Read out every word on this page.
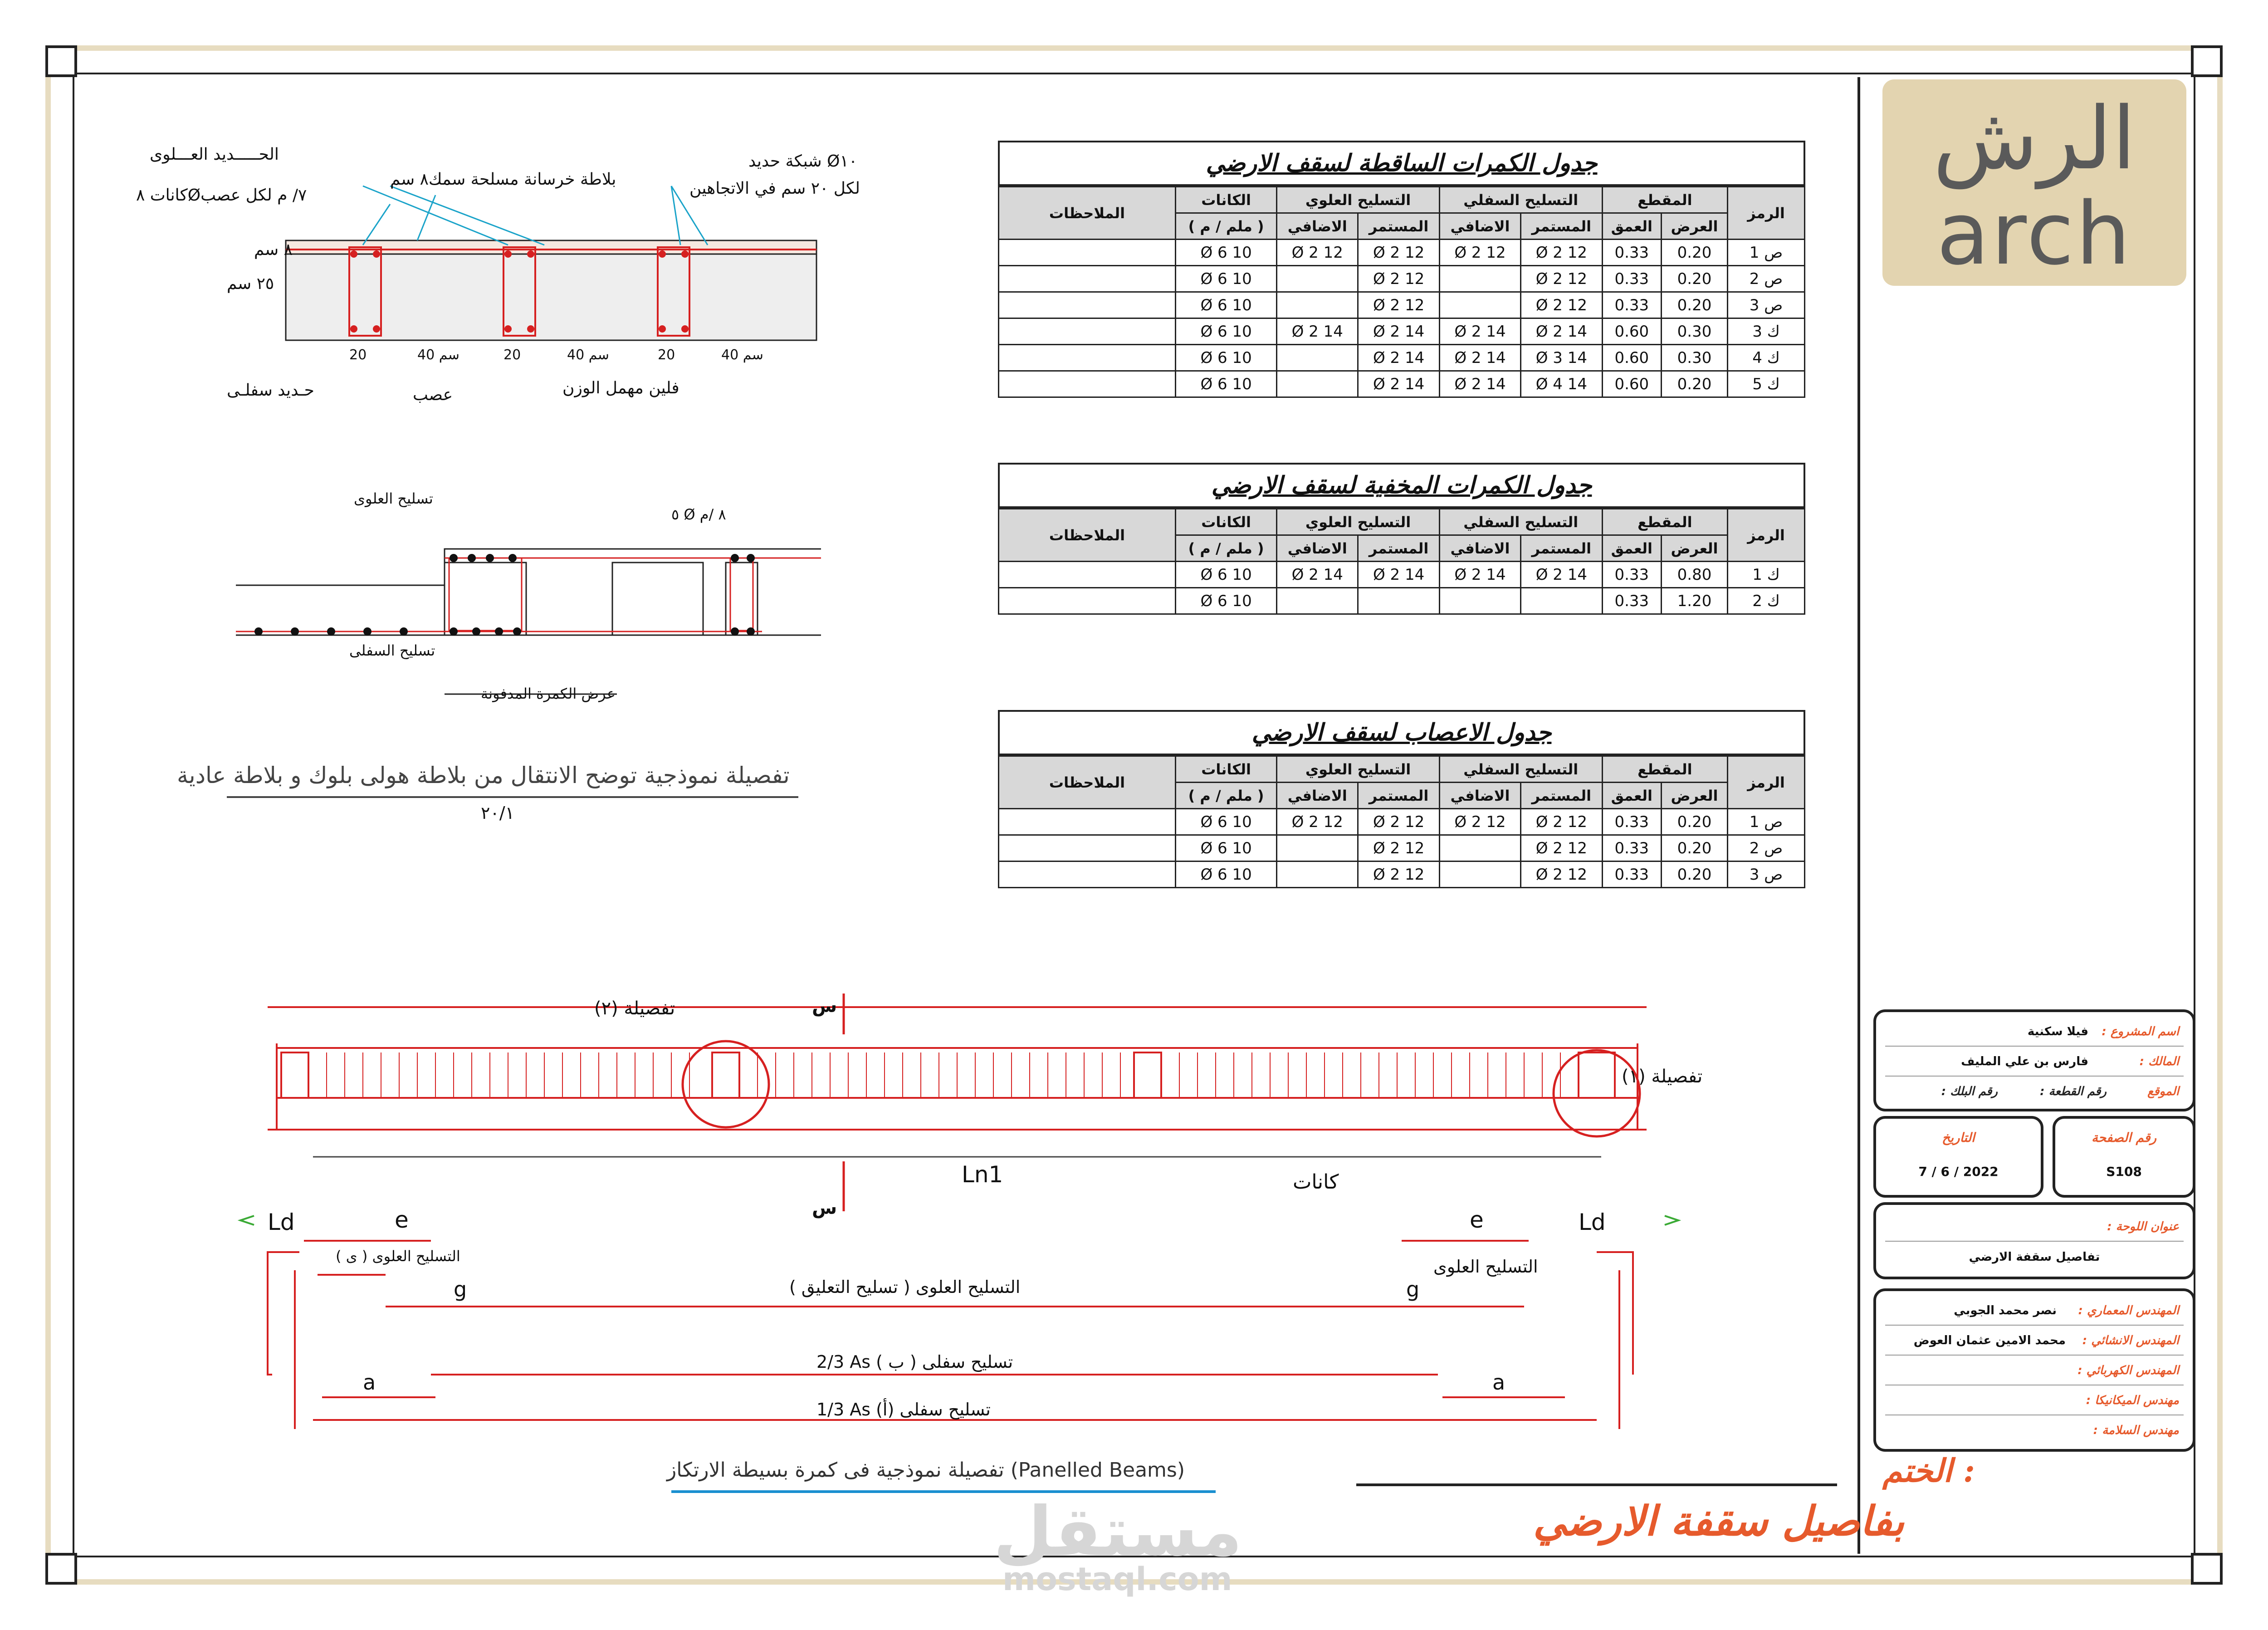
الرش
arch
الحـــــديد العـــلوى
بلاطة خرسانة مسلحة سمك٨ سم
كانات ٨Ø٧/ م لكل عصب
شبكة حديد Ø١٠
لكل ٢٠ سم في الاتجاهين
٨ سم
٢٥ سم
حـديد سفلـى	عصب	فلين مهمل الوزن
20	سم 40	20	سم 40	20	سم 40
تسليح العلوى
٥ Ø ٨ /م
تسليح السفلى
عرض الكمرة المدفونة
تفصيلة نموذجية توضح الانتقال من بلاطة هولى بلوك و بلاطة عادية
٢٠/١
جدول الكمرات الساقطة لسقف الارضي
الرمز	المقطع		التسليح السفلي		التسليح العلوي		الكانات	الملاحظات
	العرض	العمق	المستمر	الاضافي	المستمر	الاضافي	( ملم / م )	
ص 1	0.20	0.33	12 Ø 2	12 Ø 2	12 Ø 2	12 Ø 2	10 Ø 6	
ص 2	0.20	0.33	12 Ø 2		12 Ø 2		10 Ø 6	
ص 3	0.20	0.33	12 Ø 2		12 Ø 2		10 Ø 6	
ك 3	0.30	0.60	14 Ø 2	14 Ø 2	14 Ø 2	14 Ø 2	10 Ø 6	
ك 4	0.30	0.60	14 Ø 3	14 Ø 2	14 Ø 2		10 Ø 6	
ك 5	0.20	0.60	14 Ø 4	14 Ø 2	14 Ø 2		10 Ø 6	
جدول الكمرات المخفية لسقف الارضي
الرمز	المقطع		التسليح السفلي		التسليح العلوي		الكانات	الملاحظات
	العرض	العمق	المستمر	الاضافي	المستمر	الاضافي	( ملم / م )	
ك 1	0.80	0.33	14 Ø 2	14 Ø 2	14 Ø 2	14 Ø 2	10 Ø 6	
ك 2	1.20	0.33					10 Ø 6	
جدول الاعصاب لسقف الارضي
الرمز	المقطع		التسليح السفلي		التسليح العلوي		الكانات	الملاحظات
	العرض	العمق	المستمر	الاضافي	المستمر	الاضافي	( ملم / م )	
ص 1	0.20	0.33	12 Ø 2	12 Ø 2	12 Ø 2	12 Ø 2	10 Ø 6	
ص 2	0.20	0.33	12 Ø 2		12 Ø 2		10 Ø 6	
ص 3	0.20	0.33	12 Ø 2		12 Ø 2		10 Ø 6	
تفصيلة (٢)
تفصيلة (١)
س
س
Ln1	كانات
Ld	Ld
e	e
g	g
a	a
التسليح العلوى ( ى )
التسليح العلوى
التسليح العلوى ( تسليح التعليق )
2/3 As تسليح سفلى ( ب )
1/3 As تسليح سفلى (أ)
تفصيلة نموذجية فى كمرة بسيطة الارتكاز (Panelled Beams)
مستقل
mostaql.com
بفاصيل سقفة الارضي
اسم المشروع :
فيلا سكنية
المالك :
فارس بن علي المليف
الموقع
رقم القطعة :
رقم البلك :
التاريخ
7 / 6 / 2022
رقم الصفحة
S108
عنوان اللوحة :
تفاصيل سقفة الارضي
المهندس المعماري :
نصر محمد الجوبي
المهندس الانشائي :
محمد الامين عثمان العوض
المهندس الكهربائي :
مهندس الميكانيكا :
مهندس السلامة :
الختم :
